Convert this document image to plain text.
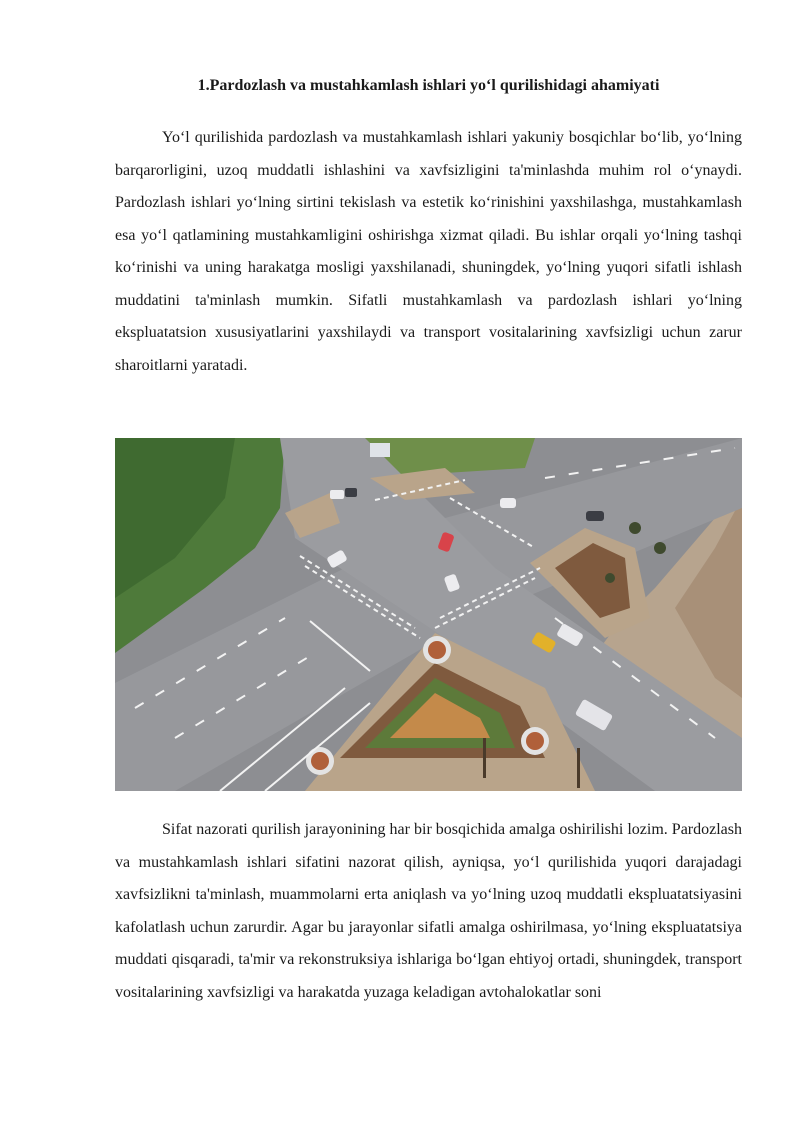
1.Pardozlash va mustahkamlash ishlari yo‘l qurilishidagi ahamiyati

Yo‘l qurilishida pardozlash va mustahkamlash ishlari yakuniy bosqichlar bo‘lib, yo‘lning barqarorligini, uzoq muddatli ishlashini va xavfsizligini ta'minlashda muhim rol o‘ynaydi. Pardozlash ishlari yo‘lning sirtini tekislash va estetik ko‘rinishini yaxshilashga, mustahkamlash esa yo‘l qatlamining mustahkamligini oshirishga xizmat qiladi. Bu ishlar orqali yo‘lning tashqi ko‘rinishi va uning harakatga mosligi yaxshilanadi, shuningdek, yo‘lning yuqori sifatli ishlash muddatini ta'minlash mumkin. Sifatli mustahkamlash va pardozlash ishlari yo‘lning ekspluatatsion xususiyatlarini yaxshilaydi va transport vositalarining xavfsizligi uchun zarur sharoitlarni yaratadi.

Sifat nazorati qurilish jarayonining har bir bosqichida amalga oshirilishi lozim. Pardozlash va mustahkamlash ishlari sifatini nazorat qilish, ayniqsa, yo‘l qurilishida yuqori darajadagi xavfsizlikni ta'minlash, muammolarni erta aniqlash va yo‘lning uzoq muddatli ekspluatatsiyasini kafolatlash uchun zarurdir. Agar bu jarayonlar sifatli amalga oshirilmasa, yo‘lning ekspluatatsiya muddati qisqaradi, ta'mir va rekonstruksiya ishlariga bo‘lgan ehtiyoj ortadi, shuningdek, transport vositalarining xavfsizligi va harakatda yuzaga keladigan avtohalokatlar soni
